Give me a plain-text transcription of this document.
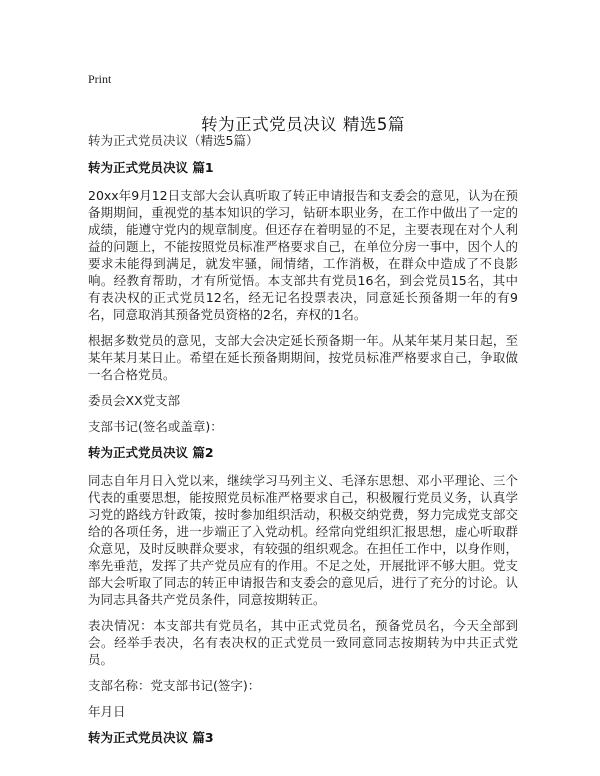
Print
转为正式党员决议 精选5篇

转为正式党员决议（精选5篇）

转为正式党员决议 篇1

20xx年9月12日支部大会认真听取了转正申请报告和支委会的意见，认为在预备期期间，重视党的基本知识的学习，钻研本职业务，在工作中做出了一定的成绩，能遵守党内的规章制度。但还存在着明显的不足，主要表现在对个人利益的问题上，不能按照党员标准严格要求自己，在单位分房一事中，因个人的要求未能得到满足，就发牢骚，闹情绪，工作消极，在群众中造成了不良影响。经教育帮助，才有所觉悟。本支部共有党员16名，到会党员15名，其中有表决权的正式党员12名，经无记名投票表决，同意延长预备期一年的有9名，同意取消其预备党员资格的2名，弃权的1名。

根据多数党员的意见，支部大会决定延长预备期一年。从某年某月某日起，至某年某月某日止。希望在延长预备期期间，按党员标准严格要求自己，争取做一名合格党员。

委员会XX党支部

支部书记(签名或盖章)：

转为正式党员决议 篇2

同志自年月日入党以来，继续学习马列主义、毛泽东思想、邓小平理论、三个代表的重要思想，能按照党员标准严格要求自己，积极履行党员义务，认真学习党的路线方针政策，按时参加组织活动，积极交纳党费，努力完成党支部交给的各项任务，进一步端正了入党动机。经常向党组织汇报思想，虚心听取群众意见，及时反映群众要求，有较强的组织观念。在担任工作中，以身作则，率先垂范，发挥了共产党员应有的作用。不足之处，开展批评不够大胆。党支部大会听取了同志的转正申请报告和支委会的意见后，进行了充分的讨论。认为同志具备共产党员条件，同意按期转正。

表决情况：本支部共有党员名，其中正式党员名，预备党员名，今天全部到会。经举手表决，名有表决权的正式党员一致同意同志按期转为中共正式党员。

支部名称：党支部书记(签字)：

年月日

转为正式党员决议 篇3
